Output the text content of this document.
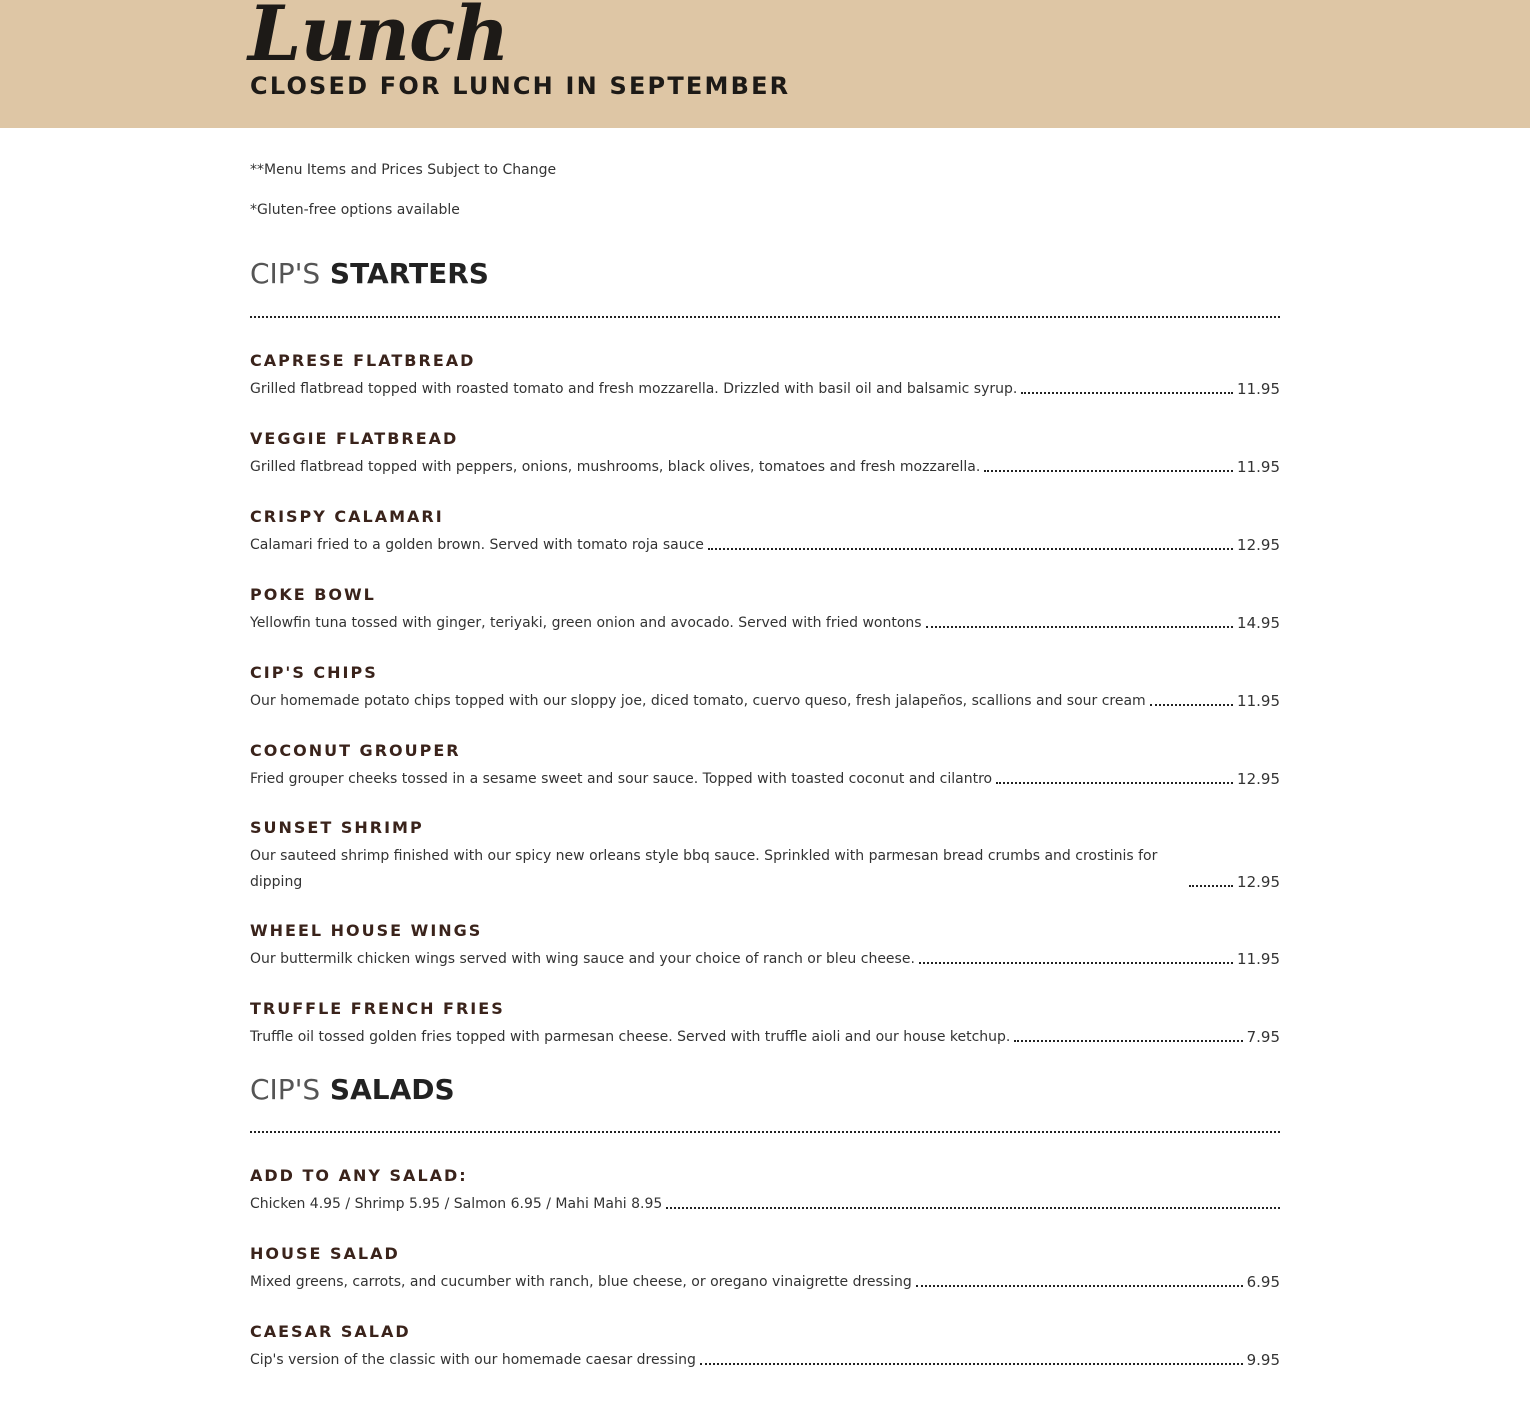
Lunch
CLOSED FOR LUNCH IN SEPTEMBER

**Menu Items and Prices Subject to Change

*Gluten-free options available

CIP'S STARTERS

CAPRESE FLATBREAD

Grilled flatbread topped with roasted tomato and fresh mozzarella. Drizzled with basil oil and balsamic syrup.	11.95

VEGGIE FLATBREAD

Grilled flatbread topped with peppers, onions, mushrooms, black olives, tomatoes and fresh mozzarella.	11.95

CRISPY CALAMARI

Calamari fried to a golden brown. Served with tomato roja sauce	12.95

POKE BOWL

Yellowfin tuna tossed with ginger, teriyaki, green onion and avocado. Served with fried wontons	14.95

CIP'S CHIPS

Our homemade potato chips topped with our sloppy joe, diced tomato, cuervo queso, fresh jalapeños, scallions and sour cream	11.95

COCONUT GROUPER

Fried grouper cheeks tossed in a sesame sweet and sour sauce. Topped with toasted coconut and cilantro	12.95

SUNSET SHRIMP

Our sauteed shrimp finished with our spicy new orleans style bbq sauce. Sprinkled with parmesan bread crumbs and crostinis for dipping	12.95

WHEEL HOUSE WINGS

Our buttermilk chicken wings served with wing sauce and your choice of ranch or bleu cheese.	11.95

TRUFFLE FRENCH FRIES

Truffle oil tossed golden fries topped with parmesan cheese. Served with truffle aioli and our house ketchup.	7.95
CIP'S SALADS

ADD TO ANY SALAD:

Chicken 4.95 / Shrimp 5.95 / Salmon 6.95 / Mahi Mahi 8.95

HOUSE SALAD

Mixed greens, carrots, and cucumber with ranch, blue cheese, or oregano vinaigrette dressing	6.95

CAESAR SALAD

Cip's version of the classic with our homemade caesar dressing	9.95
